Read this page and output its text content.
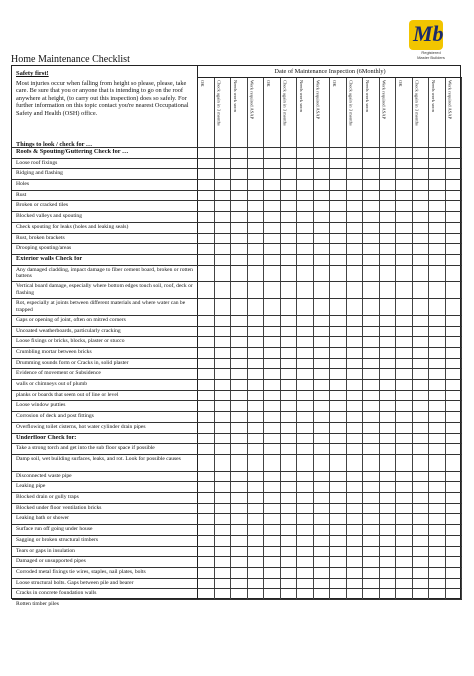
Mb
Registered
Master Builders
Home Maintenance Checklist
Safety first!
Most injuries occur when falling from height so please, please, take care. Be sure that you or anyone that is intending to go on the roof anywhere at height, (to carry out this inspection) does so safely. For further information on this topic contact you're nearest Occupational Safety and Health (OSH) office.
Things to look / check for …
Date of Maintenance Inspection (6Monthly)
OK	Check again in 3 months	Needs work soon	Work required ASAP	OK	Check again in 3 months	Needs work soon	Work required ASAP	OK	Check again in 3 months	Needs work soon	Work required ASAP	OK	Check again in 3 months	Needs work soon	Work required ASAP
Roofs & Spouting/Guttering Check for …
Loose roof fixings
Ridging and flashing
Holes
Rust
Broken or cracked tiles
Blocked valleys and spouting
Check spouting for leaks (holes and leaking seals)
Rust, broken brackets
Drooping spouting/areas
Exterior walls Check for
Any damaged cladding, impact damage to fiber cement board, broken or rotten battens
Vertical board damage, especially where bottom edges touch soil, roof, deck or flashing
Rot, especially at joints between different materials and where water can be trapped
Gaps or opening of joint, often on mitred corners
Uncoated weatherboards, particularly cracking
Loose fixings or bricks, blocks, plaster or stucco
Crumbling mortar between bricks
Drumming sounds form or Cracks in, solid plaster
Evidence of movement or Subsidence
walls or chimneys out of plumb
planks or boards that seem out of line or level
Loose window putties
Corrosion of deck and post fittings
Overflowing toilet cisterns, hot water cylinder drain pipes
Underfloor Check for:
Take a strong torch and get into the sub floor space if possible
Damp soil, wet building surfaces, leaks, and rot. Look for possible causes
Disconnected waste pipe
Leaking pipe
Blocked drain or gully traps
Blocked under floor ventilation bricks
Leaking bath or shower
Surface run off going under house
Sagging or broken structural timbers
Tears or gaps in insulation
Damaged or unsupported pipes
Corroded metal fixings tie wires, staples, nail plates, bolts
Loose structural bolts. Gaps between pile and bearer
Cracks in concrete foundation walls
Rotten timber piles
